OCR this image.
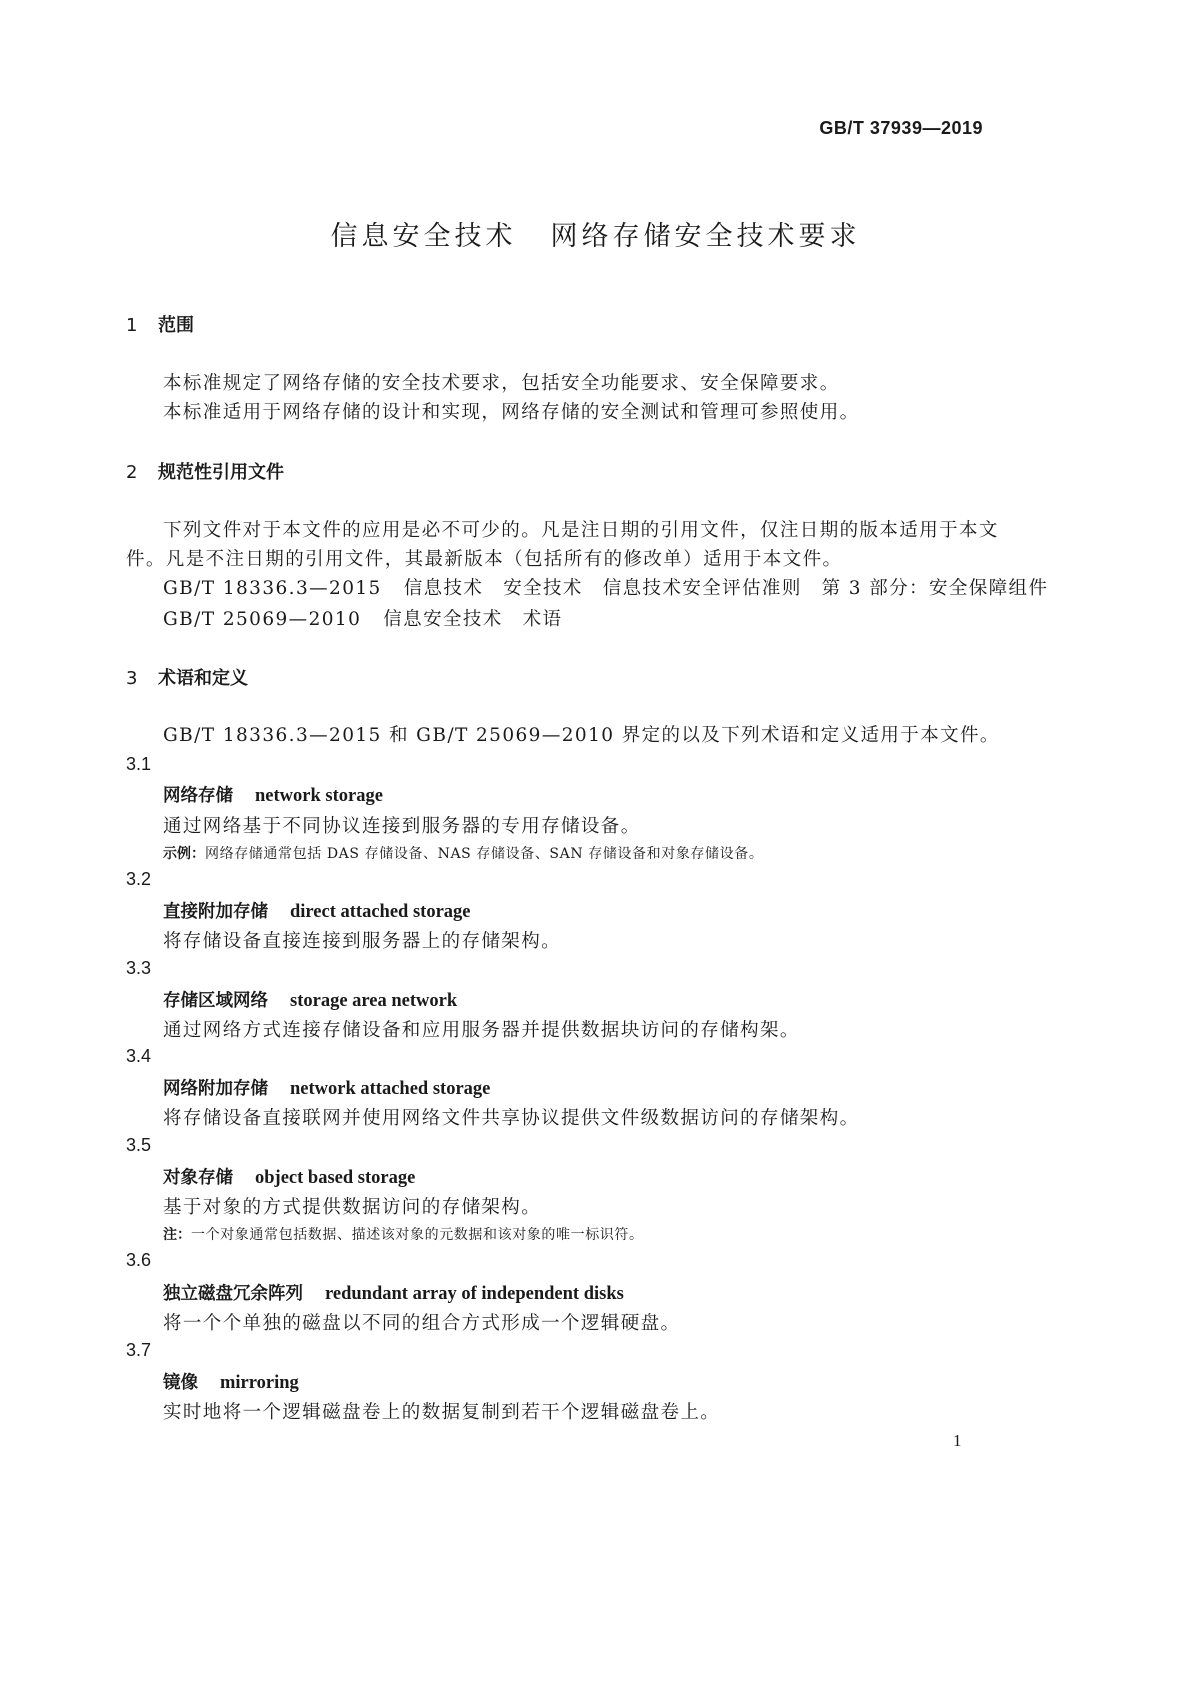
GB/T 37939—2019
信息安全技术 网络存储安全技术要求
1 范围
本标准规定了网络存储的安全技术要求，包括安全功能要求、安全保障要求。
本标准适用于网络存储的设计和实现，网络存储的安全测试和管理可参照使用。
2 规范性引用文件
下列文件对于本文件的应用是必不可少的。凡是注日期的引用文件，仅注日期的版本适用于本文
件。凡是不注日期的引用文件，其最新版本（包括所有的修改单）适用于本文件。
GB/T 18336.3—2015 信息技术　安全技术　信息技术安全评估准则　第 3 部分：安全保障组件
GB/T 25069—2010 信息安全技术　术语
3 术语和定义
GB/T 18336.3—2015 和 GB/T 25069—2010 界定的以及下列术语和定义适用于本文件。
3.1
网络存储 network storage
通过网络基于不同协议连接到服务器的专用存储设备。
示例：网络存储通常包括 DAS 存储设备、NAS 存储设备、SAN 存储设备和对象存储设备。
3.2
直接附加存储 direct attached storage
将存储设备直接连接到服务器上的存储架构。
3.3
存储区域网络 storage area network
通过网络方式连接存储设备和应用服务器并提供数据块访问的存储构架。
3.4
网络附加存储 network attached storage
将存储设备直接联网并使用网络文件共享协议提供文件级数据访问的存储架构。
3.5
对象存储 object based storage
基于对象的方式提供数据访问的存储架构。
注：一个对象通常包括数据、描述该对象的元数据和该对象的唯一标识符。
3.6
独立磁盘冗余阵列 redundant array of independent disks
将一个个单独的磁盘以不同的组合方式形成一个逻辑硬盘。
3.7
镜像 mirroring
实时地将一个逻辑磁盘卷上的数据复制到若干个逻辑磁盘卷上。
1
